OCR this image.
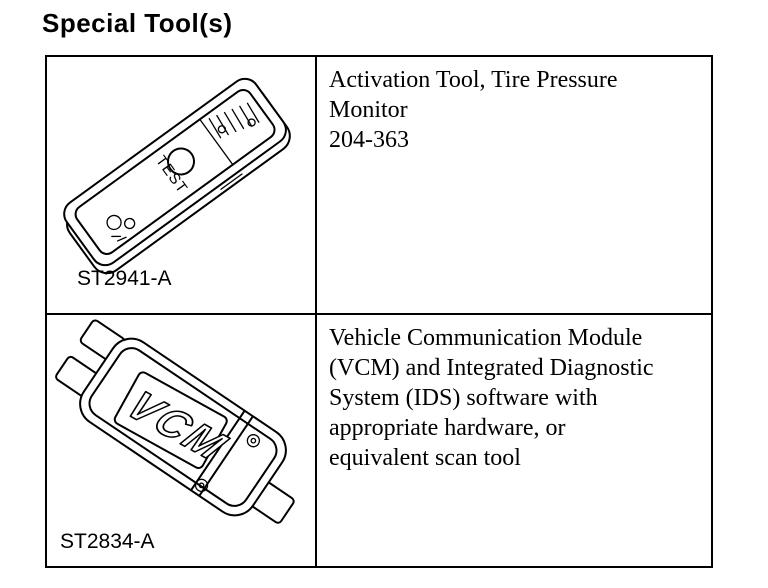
Special Tool(s)
TEST
ST2941-A
Activation Tool, Tire Pressure Monitor
204-363
VCM
ST2834-A
Vehicle Communication Module (VCM) and Integrated Diagnostic System (IDS) software with appropriate hardware, or equivalent scan tool
